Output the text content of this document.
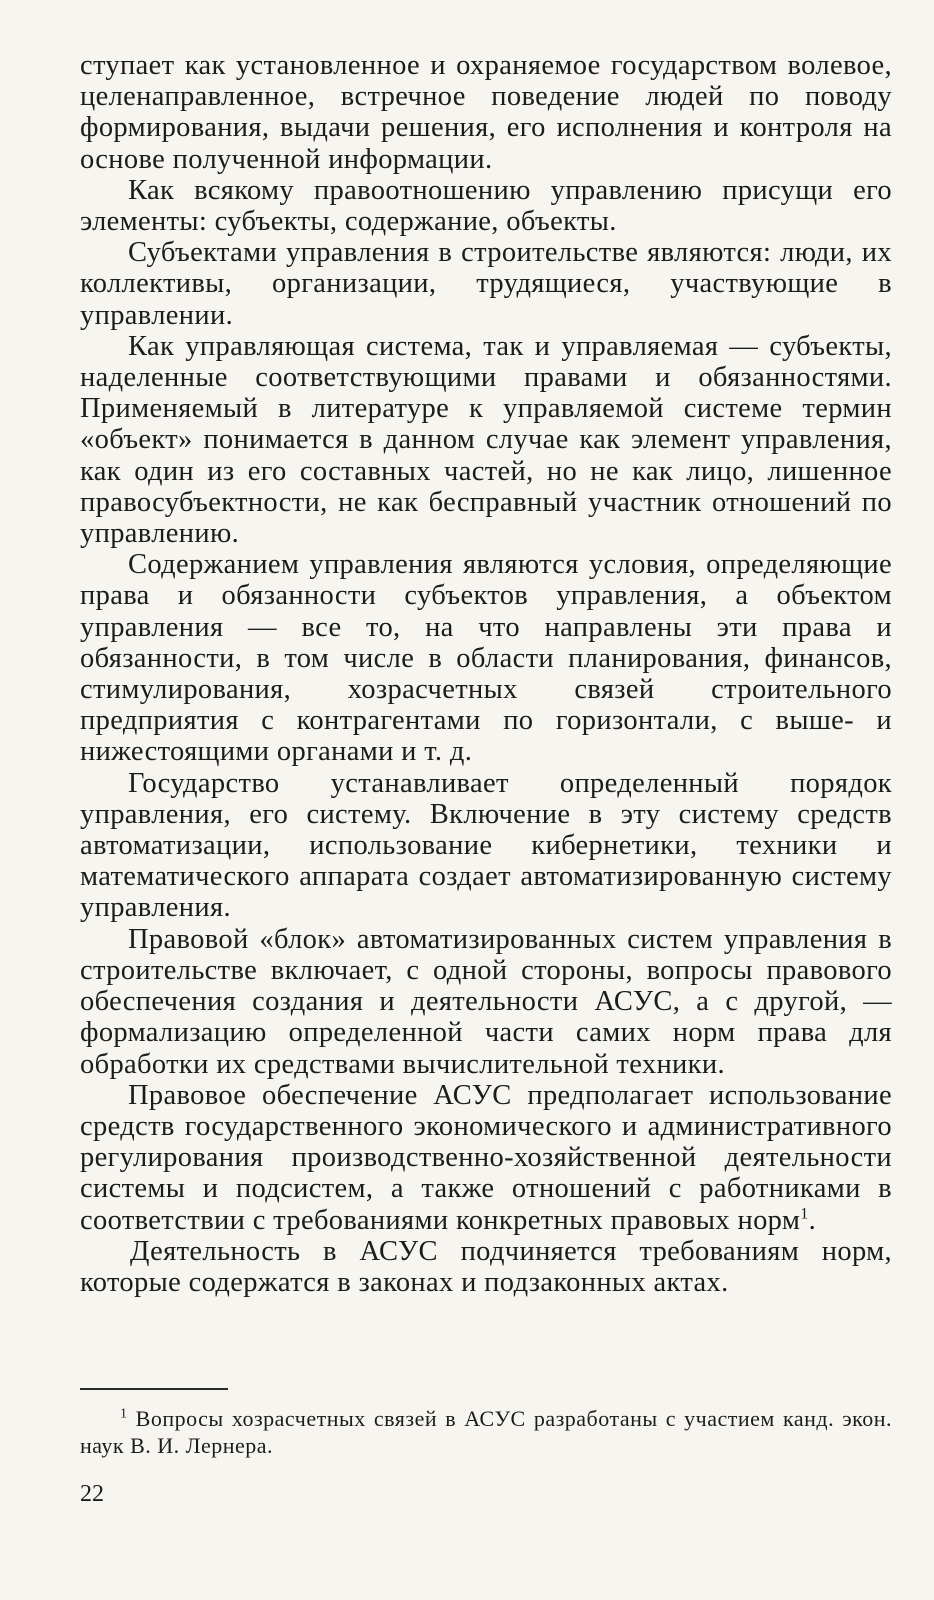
ступает как установленное и охраняемое государством волевое, целенаправленное, встречное поведение людей по поводу формирования, выдачи решения, его исполнения и контроля на основе полученной информации.

Как всякому правоотношению управлению присущи его элементы: субъекты, содержание, объекты.

Субъектами управления в строительстве являются: люди, их коллективы, организации, трудящиеся, участвующие в управлении.

Как управляющая система, так и управляемая — субъекты, наделенные соответствующими правами и обязанностями. Применяемый в литературе к управляемой системе термин «объект» понимается в данном случае как элемент управления, как один из его составных частей, но не как лицо, лишенное правосубъектности, не как бесправный участник отношений по управлению.

Содержанием управления являются условия, определяющие права и обязанности субъектов управления, а объектом управления — все то, на что направлены эти права и обязанности, в том числе в области планирования, финансов, стимулирования, хозрасчетных связей строительного предприятия с контрагентами по горизонтали, с выше- и нижестоящими органами и т. д.

Государство устанавливает определенный порядок управления, его систему. Включение в эту систему средств автоматизации, использование кибернетики, техники и математического аппарата создает автоматизированную систему управления.

Правовой «блок» автоматизированных систем управления в строительстве включает, с одной стороны, вопросы правового обеспечения создания и деятельности АСУС, а с другой, — формализацию определенной части самих норм права для обработки их средствами вычислительной техники.

Правовое обеспечение АСУС предполагает использование средств государственного экономического и административного регулирования производственно-хозяйственной деятельности системы и подсистем, а также отношений с работниками в соответствии с требованиями конкретных правовых норм$^1$.

Деятельность в АСУС подчиняется требованиям норм, которые содержатся в законах и подзаконных актах.

$^1$ Вопросы хозрасчетных связей в АСУС разработаны с участием канд. экон. наук В. И. Лернера.

22
